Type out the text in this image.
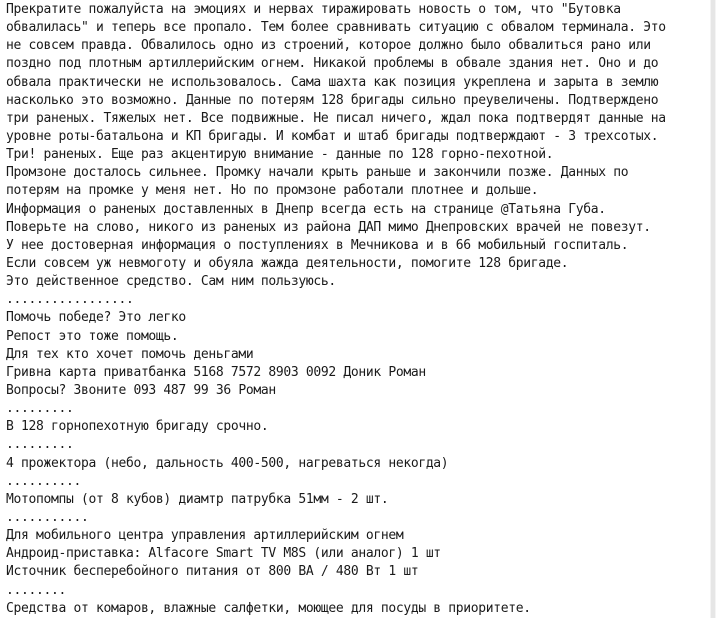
Прекратите пожалуйста на эмоциях и нервах тиражировать новость о том, что "Бутовка
обвалилась" и теперь все пропало. Тем более сравнивать ситуацию с обвалом терминала. Это
не совсем правда. Обвалилось одно из строений, которое должно было обвалиться рано или
поздно под плотным артиллерийским огнем. Никакой проблемы в обвале здания нет. Оно и до
обвала практически не использовалось. Сама шахта как позиция укреплена и зарыта в землю
насколько это возможно. Данные по потерям 128 бригады сильно преувеличены. Подтверждено
три раненых. Тяжелых нет. Все подвижные. Не писал ничего, ждал пока подтвердят данные на
уровне роты-батальона и КП бригады. И комбат и штаб бригады подтверждают - 3 трехсотых.
Три! раненых. Еще раз акцентирую внимание - данные по 128 горно-пехотной.
Промзоне досталось сильнее. Промку начали крыть раньше и закончили позже. Данных по
потерям на промке у меня нет. Но по промзоне работали плотнее и дольше.
Информация о раненых доставленных в Днепр всегда есть на странице @Татьяна Губа.
Поверьте на слово, никого из раненых из района ДАП мимо Днепровских врачей не повезут.
У нее достоверная информация о поступлениях в Мечникова и в 66 мобильный госпиталь.
Если совсем уж невмоготу и обуяла жажда деятельности, помогите 128 бригаде.
Это действенное средство. Сам ним пользуюсь.
.................
Помочь победе? Это легко
Репост это тоже помощь.
Для тех кто хочет помочь деньгами
Гривна карта приватбанка 5168 7572 8903 0092 Доник Роман
Вопросы? Звоните 093 487 99 36 Роман
.........
В 128 горнопехотную бригаду срочно.
.........
4 прожектора (небо, дальность 400-500, нагреваться некогда)
..........
Мотопомпы (от 8 кубов) диамтр патрубка 51мм - 2 шт.
...........
Для мобильного центра управления артиллерийским огнем
Андроид-приставка: Alfacore Smart TV M8S (или аналог) 1 шт
Источник бесперебойного питания от 800 ВА / 480 Вт 1 шт
........
Средства от комаров, влажные салфетки, моющее для посуды в приоритете.
